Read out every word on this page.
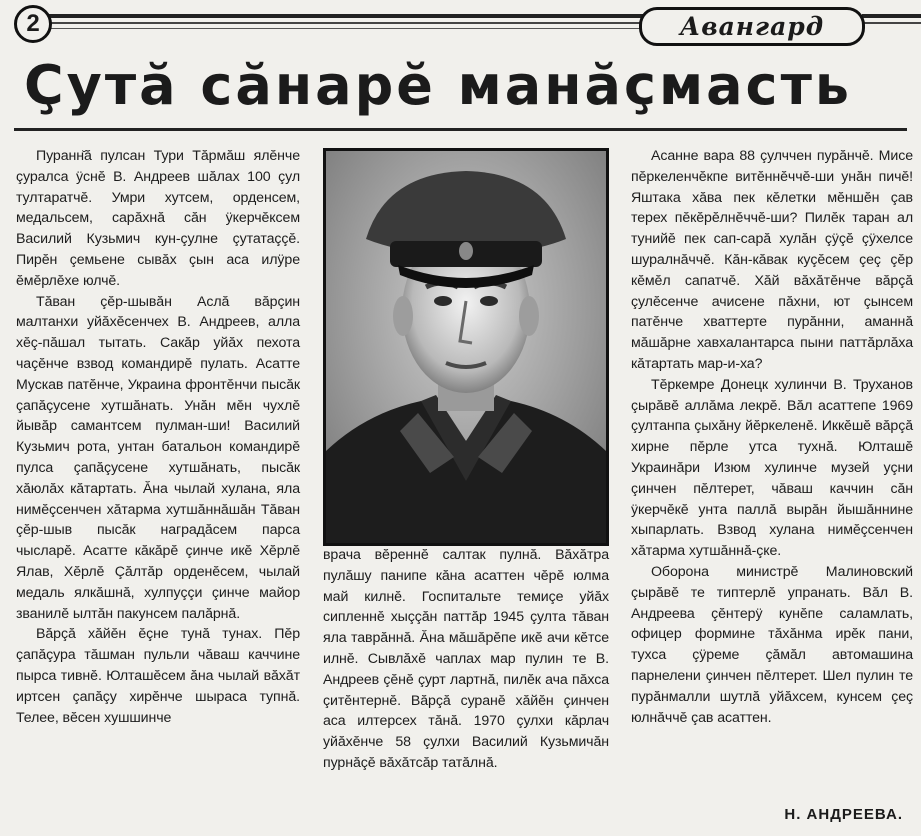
2	Авангард
Çутă сăнарĕ манăçмасть

Пуранн̆ă пулсан Тури Тăрмăш ялĕнче çуралса ÿснĕ В. Андреев шăлах 100 çул тултаратчĕ. Умри хутсем, орденсем, медальсем, сарăхнă сăн ÿкерчĕксем Василий Кузьмич кун-çулне çутатаççĕ. Пирĕн çемьене сывăх çын аса илÿре ĕмĕрлĕхе юлчĕ.

Тăван çĕр-шывăн Аслă вăрçин малтанхи уйăхĕсенчех В. Андреев, алла хĕç-пăшал тытать. Сакăр уйăх пехота чаçĕнче взвод командирĕ пулать. Асатте Мускав патĕнче, Украина фронтĕнчи пысăк çапăçусене хутшăнать. Унăн мĕн чухлĕ йывăр самантсем пулман-ши! Василий Кузьмич рота, унтан батальон командирĕ пулса çапăçусене хутшăнать, пысăк хăюлăх кăтартать. Ăна чылай хулана, яла нимĕçсенчен хăтарма хутшăннăшăн Тăван çĕр-шыв пысăк наградăсем парса чысларĕ. Асатте кăкăрĕ çинче икĕ Хĕрлĕ Ялав, Хĕрлĕ Çăлтăр орденĕсем, чылай медаль ялкăшнă, хулпуççи çинче майор званилĕ ылтăн пакунсем палăрнă.

Вăрçă хăйĕн ĕçне тунă тунах. Пĕр çапăçура тăшман пульли чăваш каччине пырса тивнĕ. Юлташĕсем ăна чылай вăхăт иртсен çапăçу хирĕнче шыраса тупнă. Телее, вĕсен хушшинче

врача вĕреннĕ салтак пулнă. Вăхăтра пулăшу панипе кăна асаттен чĕрĕ юлма май килнĕ. Госпитальте темиçе уйăх сипленнĕ хыççăн паттăр 1945 çулта тăван яла таврăннă. Ăна мăшăрĕпе икĕ ачи кĕтсе илнĕ. Сывлăхĕ чаплах мар пулин те В. Андреев çĕнĕ çурт лартнă, пилĕк ача пăхса çитĕнтернĕ. Вăрçă суранĕ хăйĕн çинчен аса илтерсех тăнă. 1970 çулхи кăрлач уйăхĕнче 58 çулхи Василий Кузьмичăн пурнăçĕ вăхăтсăр татăлнă.

Асанне вара 88 çулччен пурăнчĕ. Мисе пĕркеленчĕкпе витĕннĕччĕ-ши унăн пичĕ! Яштака хăва пек кĕлетки мĕншĕн çав терех пĕкĕрĕлнĕччĕ-ши? Пилĕк таран ал тунийĕ пек сап-сарă хулăн çÿçĕ çÿхелсе шуралнăччĕ. Кăн-кăвак куçĕсем çеç çĕр кĕмĕл сапатчĕ. Хăй вăхăтĕнче вăрçă çулĕсенче ачисене пăхни, ют çынсем патĕнче хваттерте пурăнни, аманнă мăшăрне хавхалантарса пыни паттăрлăха кăтартать мар-и-ха?

Тĕркемре Донецк хулинчи В. Труханов çырăвĕ аллăма лекрĕ. Вăл асаттепе 1969 çултанпа çыхăну йĕркеленĕ. Иккĕшĕ вăрçă хирне пĕрле утса тухнă. Юлташĕ Украинăри Изюм хулинче музей уçни çинчен пĕлтерет, чăваш каччин сăн ÿкерчĕкĕ унта паллă вырăн йышăннине хыпарлать. Взвод хулана нимĕçсенчен хăтарма хутшăннă-çке.

Оборона министрĕ Малиновский çырăвĕ те типтерлĕ упранать. Вăл В. Андреева çĕнтерÿ кунĕпе саламлать, офицер формине тăхăнма ирĕк пани, тухса çÿреме çăмăл автомашина парнелени çинчен пĕлтерет. Шел пулин те пурăнмалли шутлă уйăхсем, кунсем çеç юлнăччĕ çав асаттен.

Н. АНДРЕЕВА.
